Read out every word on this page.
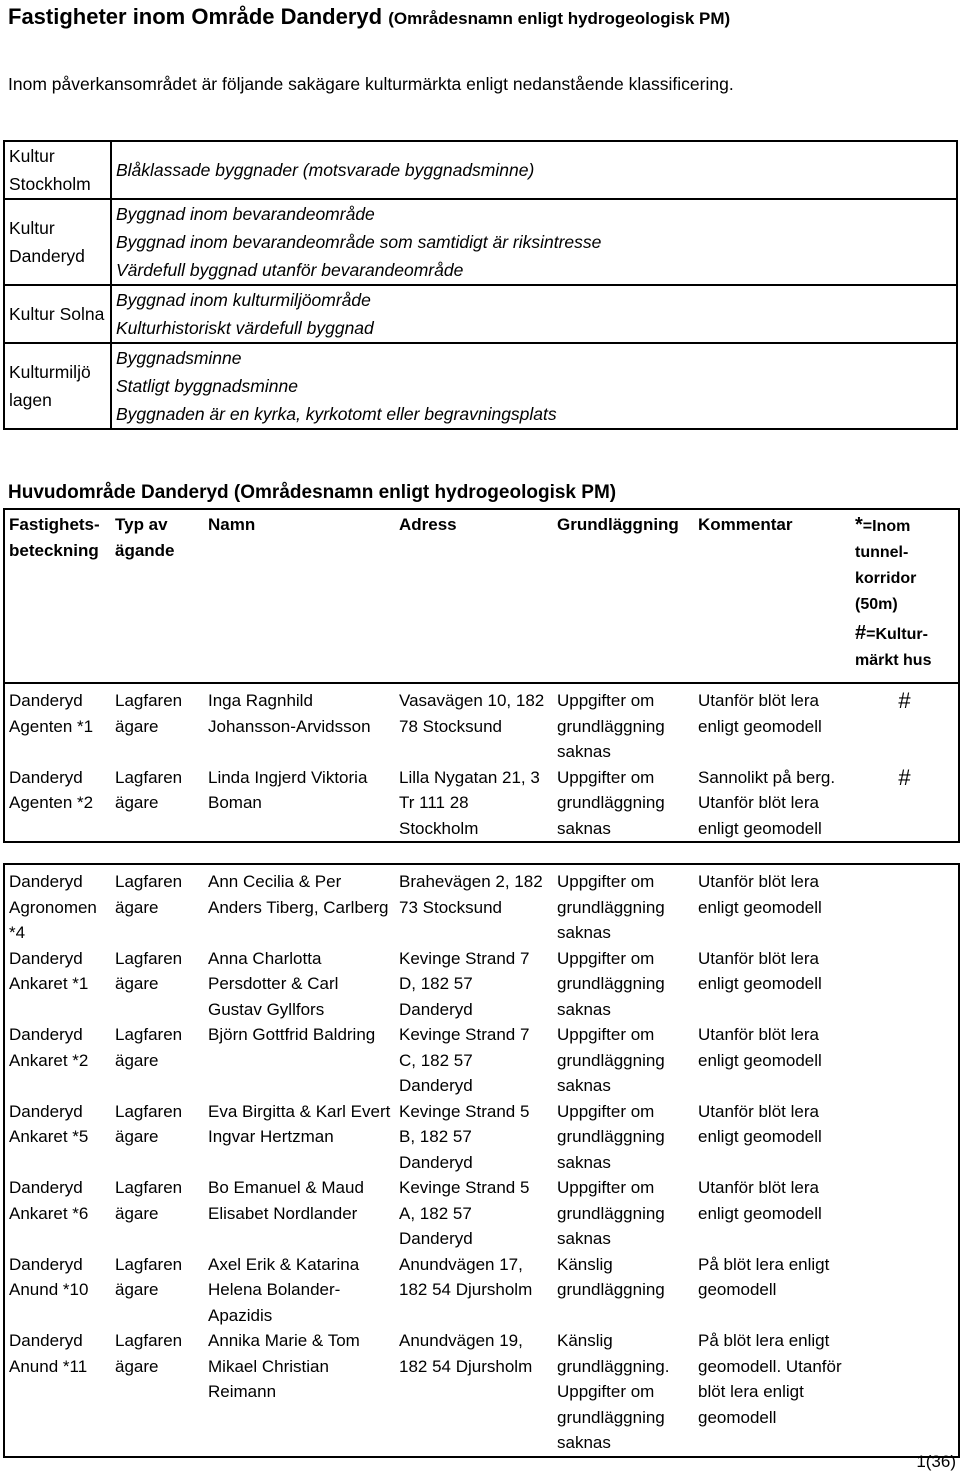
Fastigheter inom Område Danderyd (Områdesnamn enligt hydrogeologisk PM)
Inom påverkansområdet är följande sakägare kulturmärkta enligt nedanstående klassificering.
Kultur Stockholm	Blåklassade byggnader (motsvarade byggnadsminne)

Kultur Danderyd	Byggnad inom bevarandeområde
Byggnad inom bevarandeområde som samtidigt är riksintresse
Värdefull byggnad utanför bevarandeområde

Kultur Solna	Byggnad inom kulturmiljöområde
Kulturhistoriskt värdefull byggnad

Kulturmiljö lagen	Byggnadsminne
Statligt byggnadsminne
Byggnaden är en kyrka, kyrkotomt eller begravningsplats
Huvudområde Danderyd (Områdesnamn enligt hydrogeologisk PM)
Fastighets-beteckning	Typ av ägande	Namn	Adress	Grundläggning	Kommentar	*=Inom tunnel-korridor (50m)
#=Kultur-märkt hus

Danderyd Agenten *1	Lagfaren ägare	Inga Ragnhild Johansson-Arvidsson	Vasavägen 10, 182 78 Stocksund	Uppgifter om grundläggning saknas	Utanför blöt lera enligt geomodell	#
Danderyd Agenten *2	Lagfaren ägare	Linda Ingjerd Viktoria Boman	Lilla Nygatan 21, 3 Tr 111 28 Stockholm	Uppgifter om grundläggning saknas	Sannolikt på berg. Utanför blöt lera enligt geomodell	#

Danderyd Agronomen *4	Lagfaren ägare	Ann Cecilia & Per Anders Tiberg, Carlberg	Brahevägen 2, 182 73 Stocksund	Uppgifter om grundläggning saknas	Utanför blöt lera enligt geomodell	
Danderyd Ankaret *1	Lagfaren ägare	Anna Charlotta Persdotter & Carl Gustav Gyllfors	Kevinge Strand 7 D, 182 57 Danderyd	Uppgifter om grundläggning saknas	Utanför blöt lera enligt geomodell	
Danderyd Ankaret *2	Lagfaren ägare	Björn Gottfrid Baldring	Kevinge Strand 7 C, 182 57 Danderyd	Uppgifter om grundläggning saknas	Utanför blöt lera enligt geomodell	
Danderyd Ankaret *5	Lagfaren ägare	Eva Birgitta & Karl Evert Ingvar Hertzman	Kevinge Strand 5 B, 182 57 Danderyd	Uppgifter om grundläggning saknas	Utanför blöt lera enligt geomodell	
Danderyd Ankaret *6	Lagfaren ägare	Bo Emanuel & Maud Elisabet Nordlander	Kevinge Strand 5 A, 182 57 Danderyd	Uppgifter om grundläggning saknas	Utanför blöt lera enligt geomodell	
Danderyd Anund *10	Lagfaren ägare	Axel Erik & Katarina Helena Bolander-Apazidis	Anundvägen 17, 182 54 Djursholm	Känslig grundläggning	På blöt lera enligt geomodell	
Danderyd Anund *11	Lagfaren ägare	Annika Marie & Tom Mikael Christian Reimann	Anundvägen 19, 182 54 Djursholm	Känslig grundläggning. Uppgifter om grundläggning saknas	På blöt lera enligt geomodell. Utanför blöt lera enligt geomodell	
1(36)
